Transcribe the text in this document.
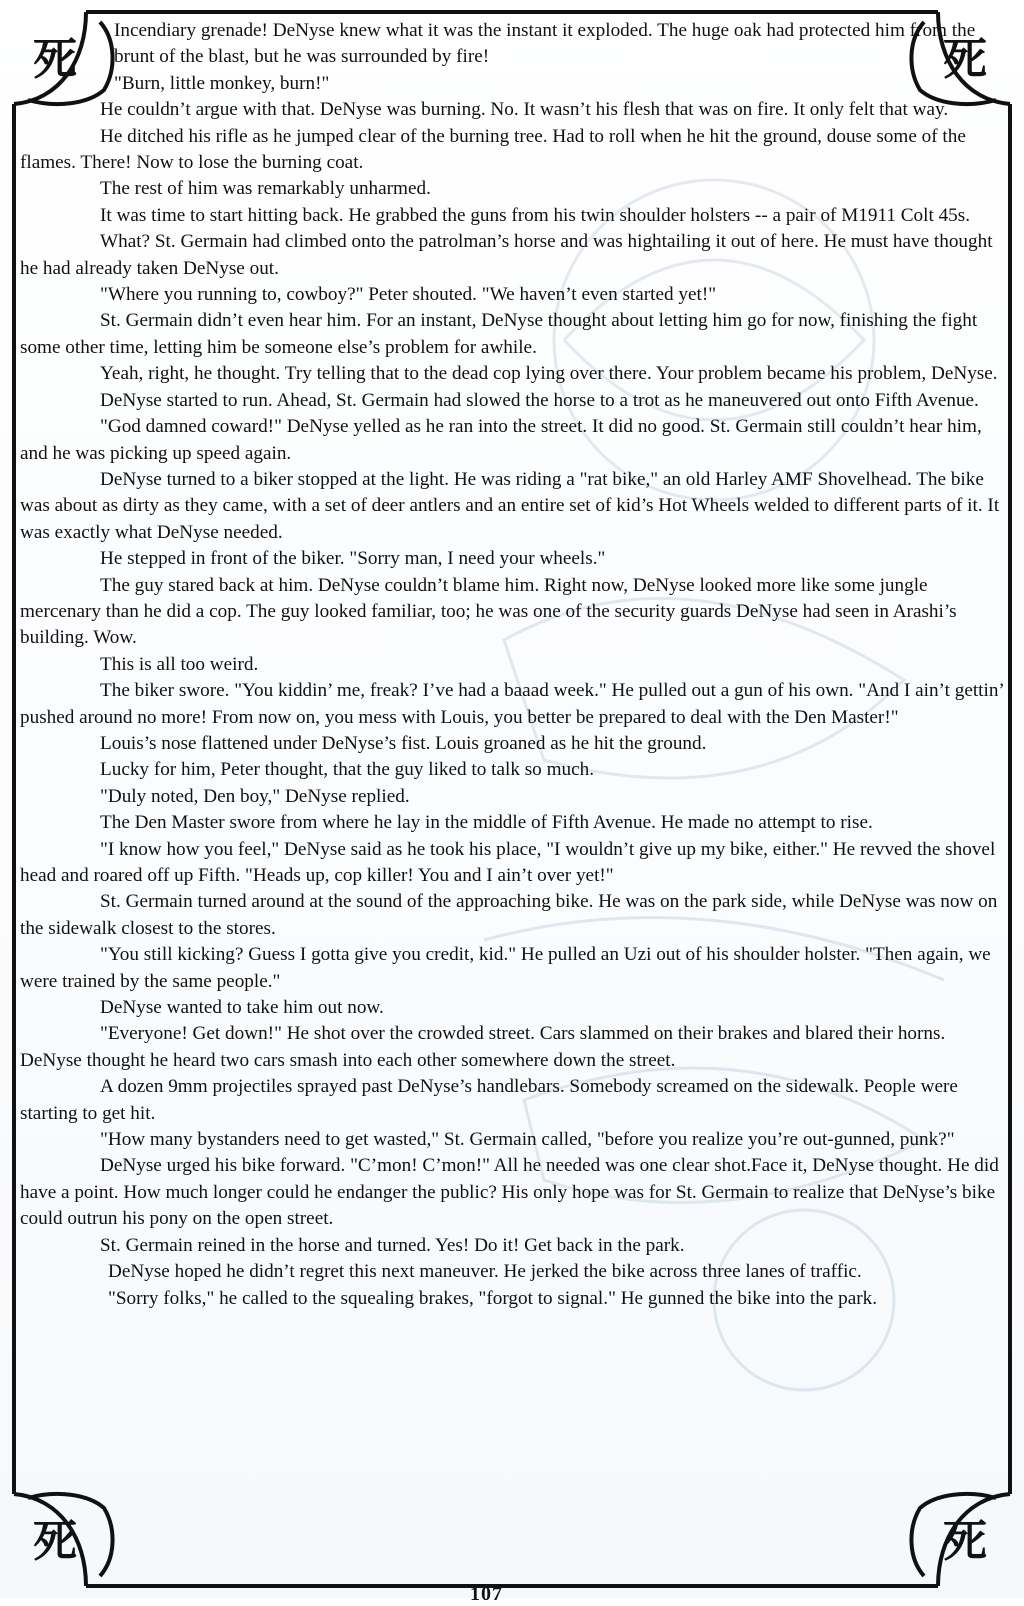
死	死
死	死

Incendiary grenade! DeNyse knew what it was the instant it exploded. The huge oak had protected him from the brunt of the blast, but he was surrounded by fire!

"Burn, little monkey, burn!"

He couldn’t argue with that. DeNyse was burning. No. It wasn’t his flesh that was on fire. It only felt that way.

He ditched his rifle as he jumped clear of the burning tree. Had to roll when he hit the ground, douse some of the flames. There! Now to lose the burning coat.

The rest of him was remarkably unharmed.

It was time to start hitting back. He grabbed the guns from his twin shoulder holsters -- a pair of M1911 Colt 45s.

What? St. Germain had climbed onto the patrolman’s horse and was hightailing it out of here. He must have thought he had already taken DeNyse out.

"Where you running to, cowboy?" Peter shouted. "We haven’t even started yet!"

St. Germain didn’t even hear him. For an instant, DeNyse thought about letting him go for now, finishing the fight some other time, letting him be someone else’s problem for awhile.

Yeah, right, he thought. Try telling that to the dead cop lying over there. Your problem became his problem, DeNyse.

DeNyse started to run. Ahead, St. Germain had slowed the horse to a trot as he maneuvered out onto Fifth Avenue.

"God damned coward!" DeNyse yelled as he ran into the street. It did no good. St. Germain still couldn’t hear him, and he was picking up speed again.

DeNyse turned to a biker stopped at the light. He was riding a "rat bike," an old Harley AMF Shovelhead. The bike was about as dirty as they came, with a set of deer antlers and an entire set of kid’s Hot Wheels welded to different parts of it. It was exactly what DeNyse needed.

He stepped in front of the biker. "Sorry man, I need your wheels."

The guy stared back at him. DeNyse couldn’t blame him. Right now, DeNyse looked more like some jungle mercenary than he did a cop. The guy looked familiar, too; he was one of the security guards DeNyse had seen in Arashi’s building. Wow.

This is all too weird.

The biker swore. "You kiddin’ me, freak? I’ve had a baaad week." He pulled out a gun of his own. "And I ain’t gettin’ pushed around no more! From now on, you mess with Louis, you better be prepared to deal with the Den Master!"

Louis’s nose flattened under DeNyse’s fist. Louis groaned as he hit the ground.

Lucky for him, Peter thought, that the guy liked to talk so much.

"Duly noted, Den boy," DeNyse replied.

The Den Master swore from where he lay in the middle of Fifth Avenue. He made no attempt to rise.

"I know how you feel," DeNyse said as he took his place, "I wouldn’t give up my bike, either." He revved the shovel head and roared off up Fifth. "Heads up, cop killer! You and I ain’t over yet!"

St. Germain turned around at the sound of the approaching bike. He was on the park side, while DeNyse was now on the sidewalk closest to the stores.

"You still kicking? Guess I gotta give you credit, kid." He pulled an Uzi out of his shoulder holster. "Then again, we were trained by the same people."

DeNyse wanted to take him out now.

"Everyone! Get down!" He shot over the crowded street. Cars slammed on their brakes and blared their horns. DeNyse thought he heard two cars smash into each other somewhere down the street.

A dozen 9mm projectiles sprayed past DeNyse’s handlebars. Somebody screamed on the sidewalk. People were starting to get hit.

"How many bystanders need to get wasted," St. Germain called, "before you realize you’re out-gunned, punk?"

DeNyse urged his bike forward. "C’mon! C’mon!" All he needed was one clear shot.Face it, DeNyse thought. He did have a point. How much longer could he endanger the public? His only hope was for St. Germain to realize that DeNyse’s bike could outrun his pony on the open street.

St. Germain reined in the horse and turned. Yes! Do it! Get back in the park.

DeNyse hoped he didn’t regret this next maneuver. He jerked the bike across three lanes of traffic.

"Sorry folks," he called to the squealing brakes, "forgot to signal." He gunned the bike into the park.

107
